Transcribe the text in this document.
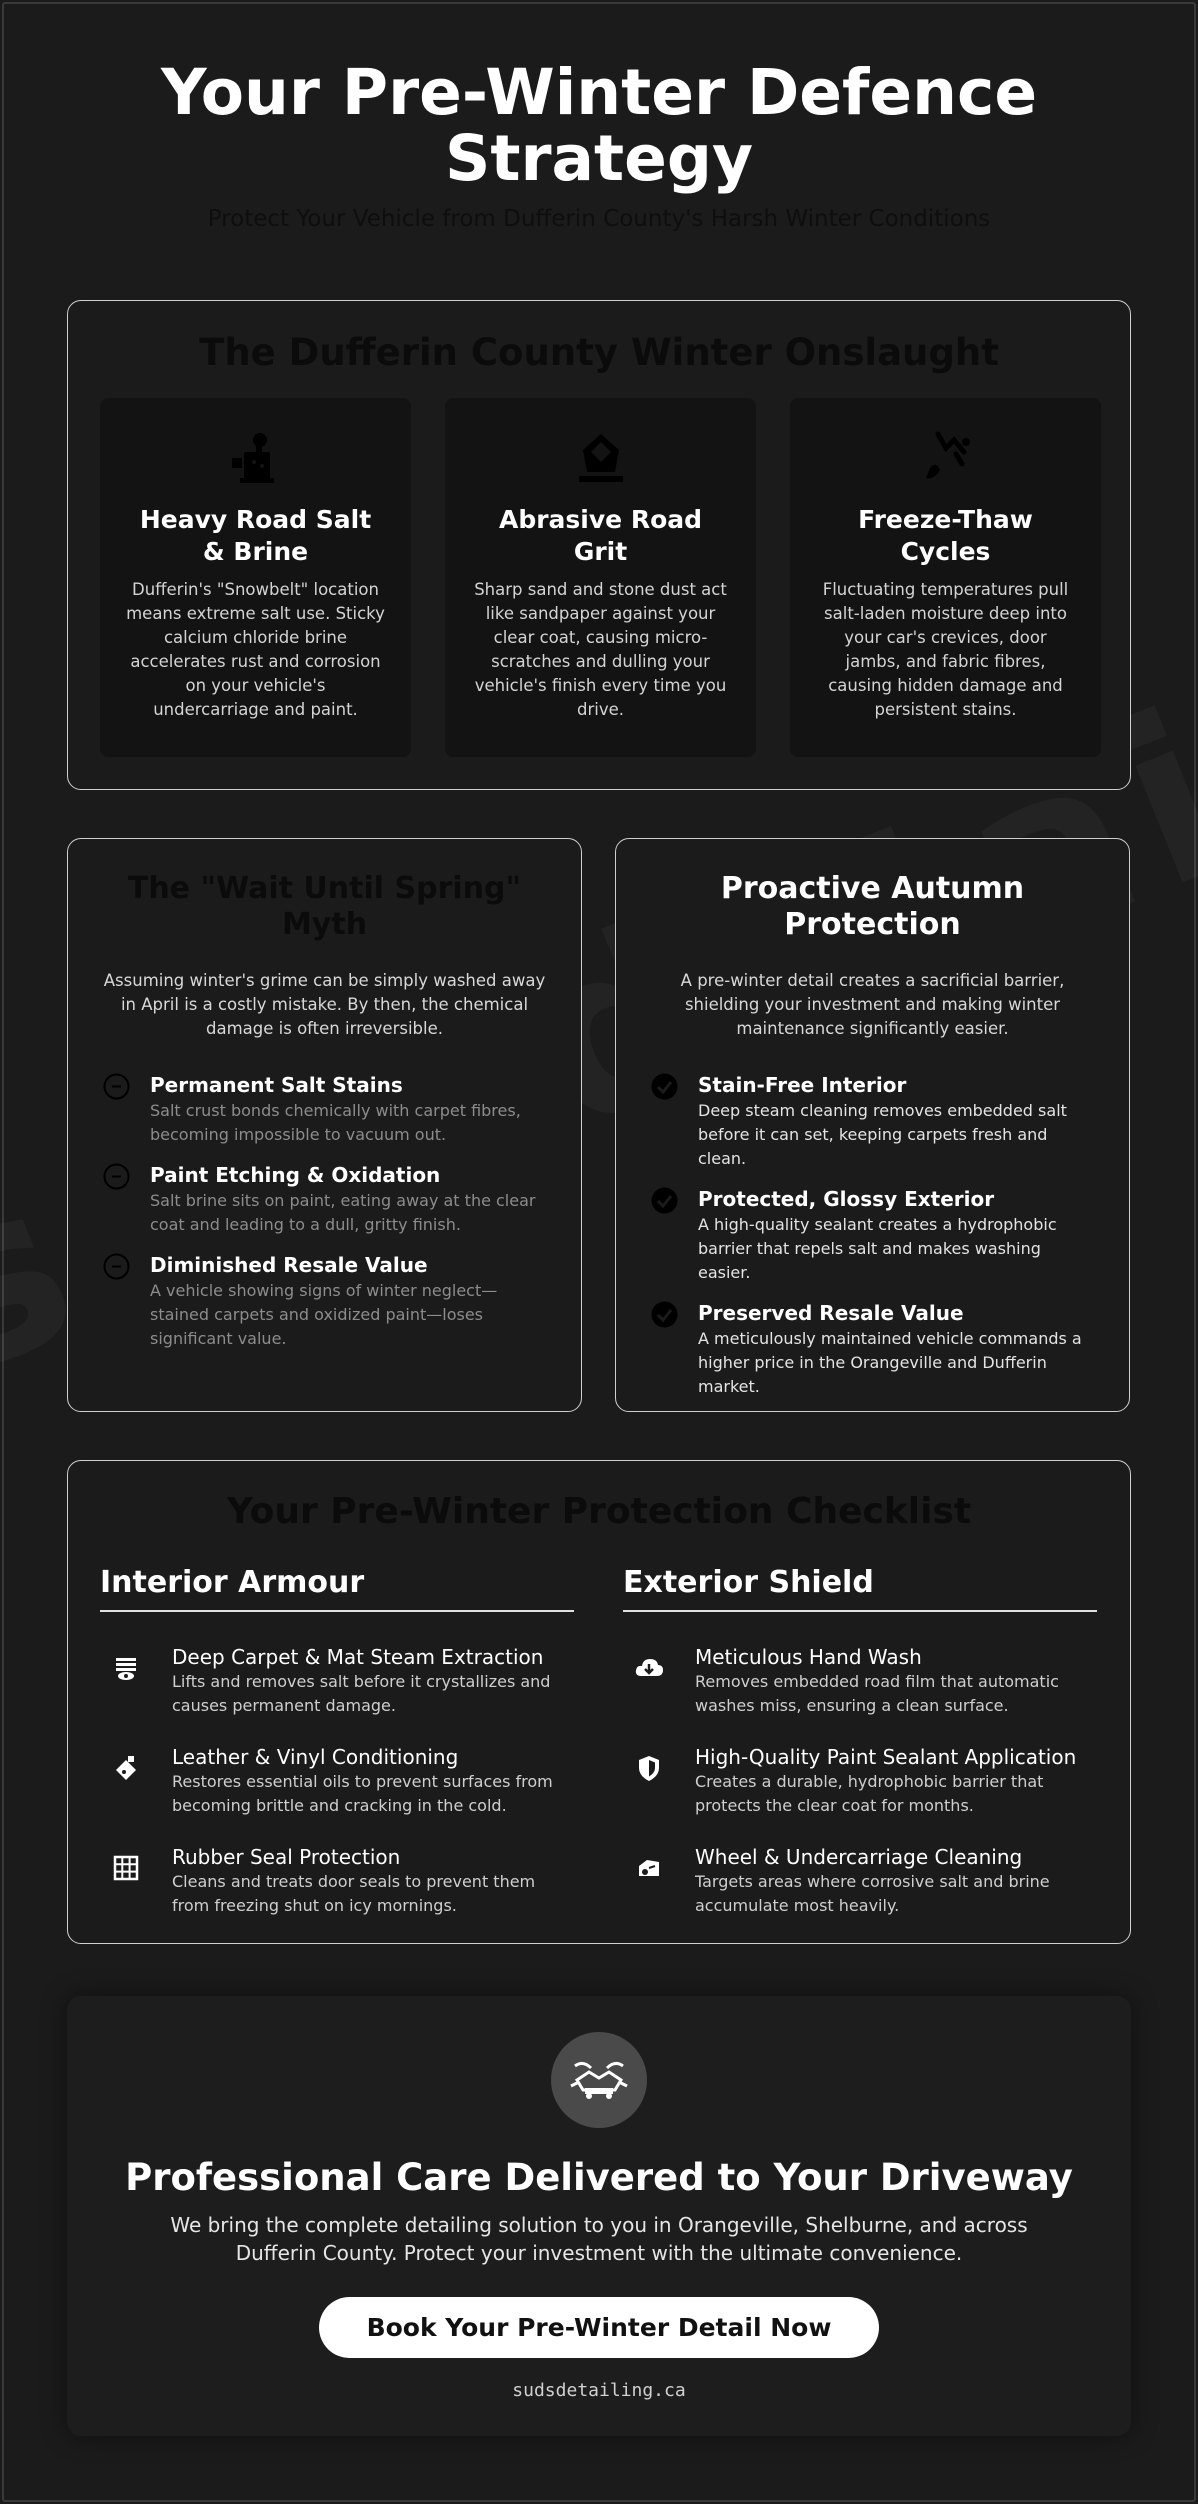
Your Pre-Winter Defence Strategy

Protect Your Vehicle from Dufferin County's Harsh Winter Conditions

The Dufferin County Winter Onslaught
Heavy Road Salt & Brine

Dufferin's "Snowbelt" location means extreme salt use. Sticky calcium chloride brine accelerates rust and corrosion on your vehicle's undercarriage and paint.

Abrasive Road Grit

Sharp sand and stone dust act like sandpaper against your clear coat, causing micro-scratches and dulling your vehicle's finish every time you drive.

Freeze-Thaw Cycles

Fluctuating temperatures pull salt-laden moisture deep into your car's crevices, door jambs, and fabric fibres, causing hidden damage and persistent stains.

The "Wait Until Spring" Myth

Assuming winter's grime can be simply washed away in April is a costly mistake. By then, the chemical damage is often irreversible.

Permanent Salt Stains

Salt crust bonds chemically with carpet fibres, becoming impossible to vacuum out.

Paint Etching & Oxidation

Salt brine sits on paint, eating away at the clear coat and leading to a dull, gritty finish.

Diminished Resale Value

A vehicle showing signs of winter neglect—stained carpets and oxidized paint—loses significant value.

Proactive Autumn Protection

A pre-winter detail creates a sacrificial barrier, shielding your investment and making winter maintenance significantly easier.

Stain-Free Interior

Deep steam cleaning removes embedded salt before it can set, keeping carpets fresh and clean.

Protected, Glossy Exterior

A high-quality sealant creates a hydrophobic barrier that repels salt and makes washing easier.

Preserved Resale Value

A meticulously maintained vehicle commands a higher price in the Orangeville and Dufferin market.

Your Pre-Winter Protection Checklist
Interior Armour
Deep Carpet & Mat Steam Extraction

Lifts and removes salt before it crystallizes and causes permanent damage.

Leather & Vinyl Conditioning

Restores essential oils to prevent surfaces from becoming brittle and cracking in the cold.

Rubber Seal Protection

Cleans and treats door seals to prevent them from freezing shut on icy mornings.

Exterior Shield
Meticulous Hand Wash

Removes embedded road film that automatic washes miss, ensuring a clean surface.

High-Quality Paint Sealant Application

Creates a durable, hydrophobic barrier that protects the clear coat for months.

Wheel & Undercarriage Cleaning

Targets areas where corrosive salt and brine accumulate most heavily.

Professional Care Delivered to Your Driveway

We bring the complete detailing solution to you in Orangeville, Shelburne, and across Dufferin County. Protect your investment with the ultimate convenience.

Book Your Pre-Winter Detail Now

sudsdetailing.ca
